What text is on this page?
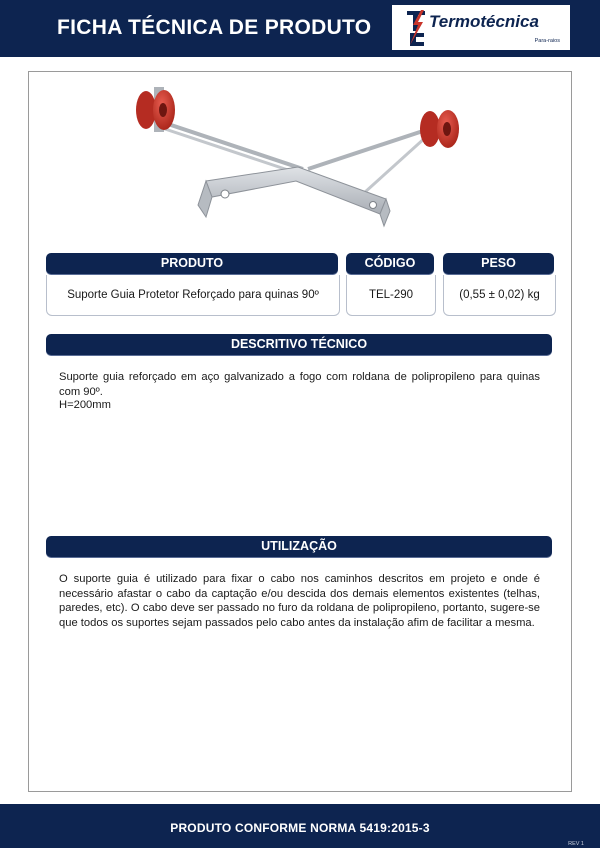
FICHA TÉCNICA DE PRODUTO	Termotécnica
Para-raios
PRODUTO	CÓDIGO	PESO
Suporte Guia Protetor Reforçado para quinas 90º	TEL-290	(0,55 ± 0,02) kg
DESCRITIVO TÉCNICO

Suporte guia reforçado em aço galvanizado a fogo com roldana de polipropileno para quinas com 90º.

H=200mm

UTILIZAÇÃO

O suporte guia é utilizado para fixar o cabo nos caminhos descritos em projeto e onde é necessário afastar o cabo da captação e/ou descida dos demais elementos existentes (telhas, paredes, etc). O cabo deve ser passado no furo da roldana de polipropileno, portanto, sugere-se que todos os suportes sejam passados pelo cabo antes da instalação afim de facilitar a mesma.

PRODUTO CONFORME NORMA 5419:2015-3
REV 1
